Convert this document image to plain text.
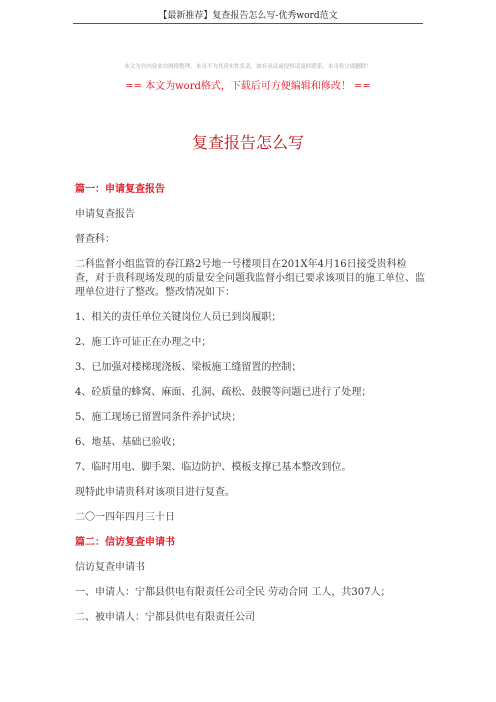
【最新推荐】复查报告怎么写-优秀word范文
本文为自内容来自网络整理，本司不为其真实性负责，如有异议或侵权请及时联系，本司将立即删除！
== 本文为word格式，下载后可方便编辑和修改！ ==
复查报告怎么写

篇一：申请复查报告

申请复查报告

督查科：

二科监督小组监管的春江路2号地一号楼项目在201X年4月16日接受贵科检查，对于贵科现场发现的质量安全问题我监督小组已要求该项目的施工单位、监理单位进行了整改。整改情况如下：

1、相关的责任单位关键岗位人员已到岗履职；

2、施工许可证正在办理之中；

3、已加强对楼梯现浇板、梁板施工缝留置的控制；

4、砼质量的蜂窝、麻面、孔洞、疏松、鼓膜等问题已进行了处理；

5、施工现场已留置同条件养护试块；

6、地基、基础已验收；

7、临时用电、脚手架、临边防护、模板支撑已基本整改到位。

现特此申请贵科对该项目进行复查。

二〇一四年四月三十日

篇二：信访复查申请书

信访复查申请书

一、申请人：宁都县供电有限责任公司全民 劳动合同 工人，共307人；

二、被申请人：宁都县供电有限责任公司
